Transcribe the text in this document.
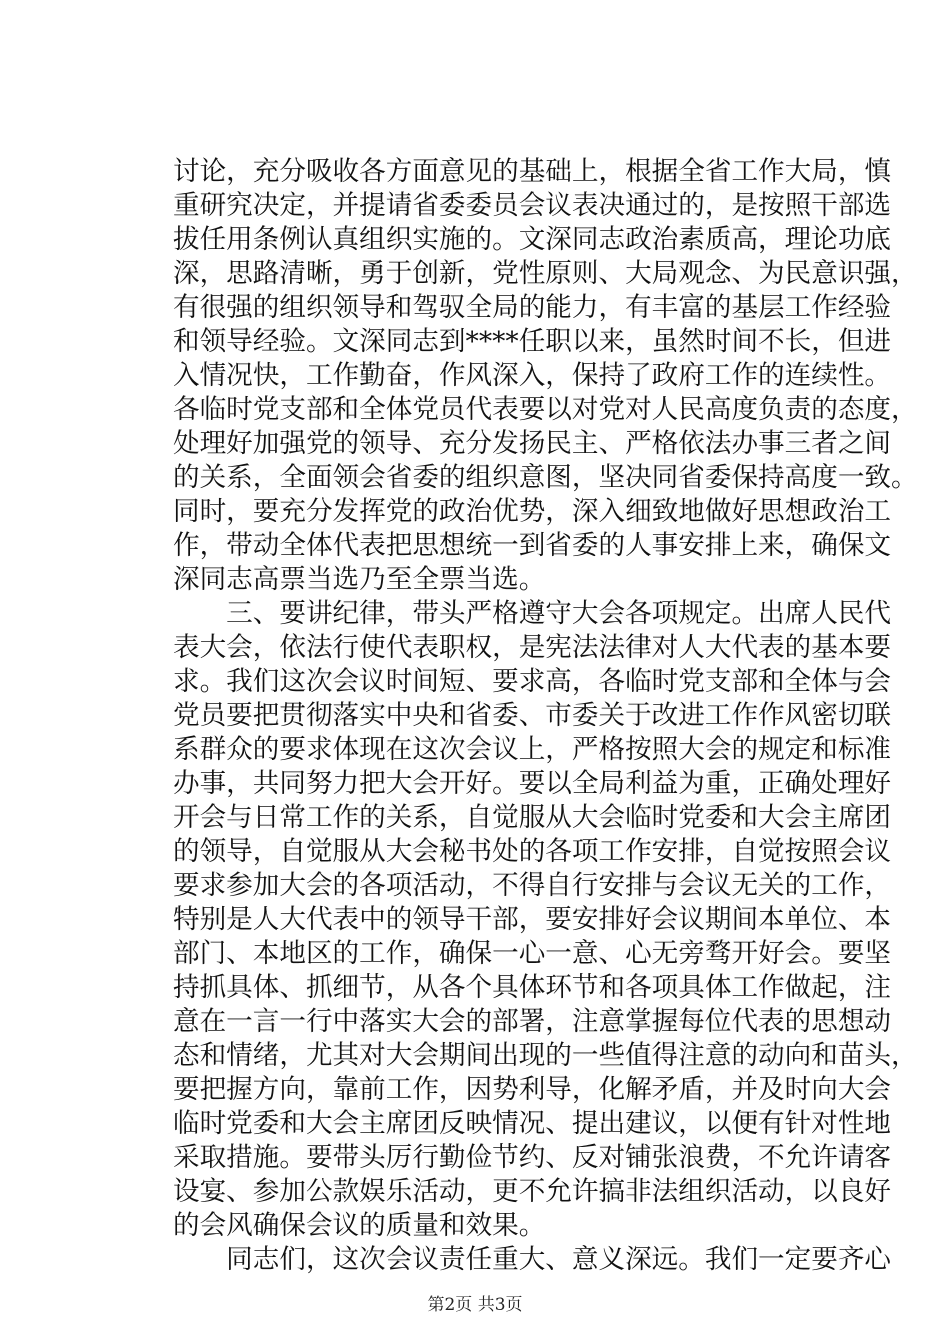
讨论，充分吸收各方面意见的基础上，根据全省工作大局，慎
重研究决定，并提请省委委员会议表决通过的，是按照干部选
拔任用条例认真组织实施的。文深同志政治素质高，理论功底
深，思路清晰，勇于创新，党性原则、大局观念、为民意识强，
有很强的组织领导和驾驭全局的能力，有丰富的基层工作经验
和领导经验。文深同志到****任职以来，虽然时间不长，但进
入情况快，工作勤奋，作风深入，保持了政府工作的连续性。
各临时党支部和全体党员代表要以对党对人民高度负责的态度，
处理好加强党的领导、充分发扬民主、严格依法办事三者之间
的关系，全面领会省委的组织意图，坚决同省委保持高度一致。
同时，要充分发挥党的政治优势，深入细致地做好思想政治工
作，带动全体代表把思想统一到省委的人事安排上来，确保文
深同志高票当选乃至全票当选。
　　三、要讲纪律，带头严格遵守大会各项规定。出席人民代
表大会，依法行使代表职权，是宪法法律对人大代表的基本要
求。我们这次会议时间短、要求高，各临时党支部和全体与会
党员要把贯彻落实中央和省委、市委关于改进工作作风密切联
系群众的要求体现在这次会议上，严格按照大会的规定和标准
办事，共同努力把大会开好。要以全局利益为重，正确处理好
开会与日常工作的关系，自觉服从大会临时党委和大会主席团
的领导，自觉服从大会秘书处的各项工作安排，自觉按照会议
要求参加大会的各项活动，不得自行安排与会议无关的工作，
特别是人大代表中的领导干部，要安排好会议期间本单位、本
部门、本地区的工作，确保一心一意、心无旁骛开好会。要坚
持抓具体、抓细节，从各个具体环节和各项具体工作做起，注
意在一言一行中落实大会的部署，注意掌握每位代表的思想动
态和情绪，尤其对大会期间出现的一些值得注意的动向和苗头，
要把握方向，靠前工作，因势利导，化解矛盾，并及时向大会
临时党委和大会主席团反映情况、提出建议，以便有针对性地
采取措施。要带头厉行勤俭节约、反对铺张浪费，不允许请客
设宴、参加公款娱乐活动，更不允许搞非法组织活动，以良好
的会风确保会议的质量和效果。
　　同志们，这次会议责任重大、意义深远。我们一定要齐心
第2页 共3页
